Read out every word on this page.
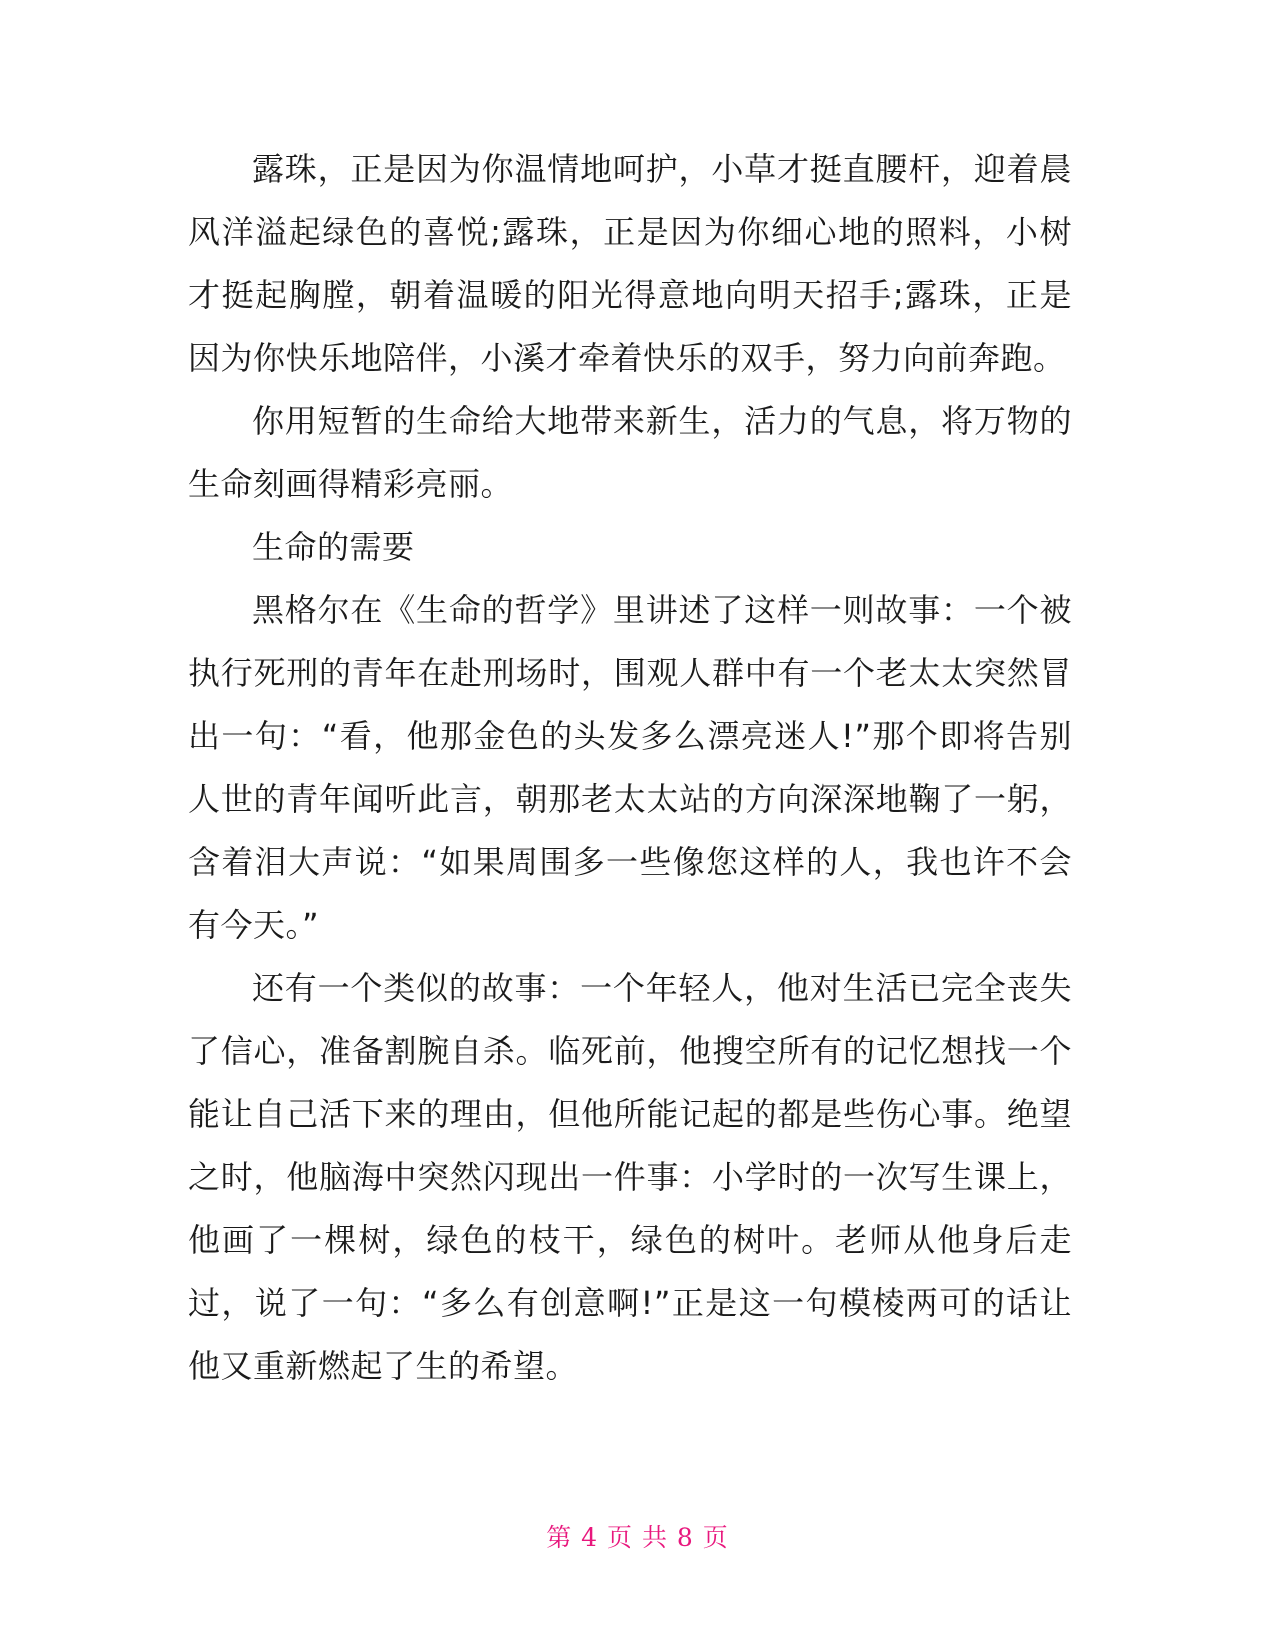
露珠，正是因为你温情地呵护，小草才挺直腰杆，迎着晨风洋溢起绿色的喜悦;露珠，正是因为你细心地的照料，小树才挺起胸膛，朝着温暖的阳光得意地向明天招手;露珠，正是因为你快乐地陪伴，小溪才牵着快乐的双手，努力向前奔跑。

你用短暂的生命给大地带来新生，活力的气息，将万物的生命刻画得精彩亮丽。

生命的需要

黑格尔在《生命的哲学》里讲述了这样一则故事：一个被执行死刑的青年在赴刑场时，围观人群中有一个老太太突然冒出一句：“看，他那金色的头发多么漂亮迷人!”那个即将告别人世的青年闻听此言，朝那老太太站的方向深深地鞠了一躬，含着泪大声说：“如果周围多一些像您这样的人，我也许不会有今天。”

还有一个类似的故事：一个年轻人，他对生活已完全丧失了信心，准备割腕自杀。临死前，他搜空所有的记忆想找一个能让自己活下来的理由，但他所能记起的都是些伤心事。绝望之时，他脑海中突然闪现出一件事：小学时的一次写生课上，他画了一棵树，绿色的枝干，绿色的树叶。老师从他身后走过，说了一句：“多么有创意啊!”正是这一句模棱两可的话让他又重新燃起了生的希望。

第 4 页 共 8 页
